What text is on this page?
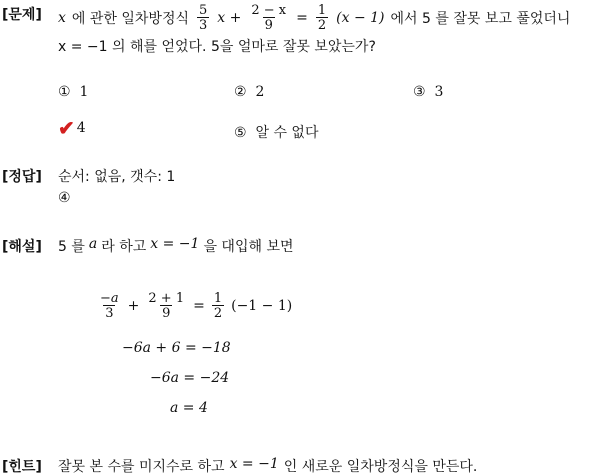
[문제] x 에 관한 일차방정식 $\frac{5}{3}$ $x + \frac{2 - x}{9} = \frac{1}{2} (x - 1)$ 에서 5 를 잘못 보고 풀었더니
x = −1 의 해를 얻었다. 5을 얼마로 잘못 보았는가?
① 1	② 2	③ 3
✔ 4	⑤ 알 수 없다
[정답] 순서: 없음, 갯수: 1
④
[해설] 5 를 a 라 하고 x = −1 을 대입해 보면
$\frac{-a}{3} + \frac{2 + 1}{9} = \frac{1}{2} (-1 - 1)$
−6a + 6 = −18
−6a = −24
a = 4
[힌트] 잘못 본 수를 미지수로 하고 x = −1 인 새로운 일차방정식을 만든다.
